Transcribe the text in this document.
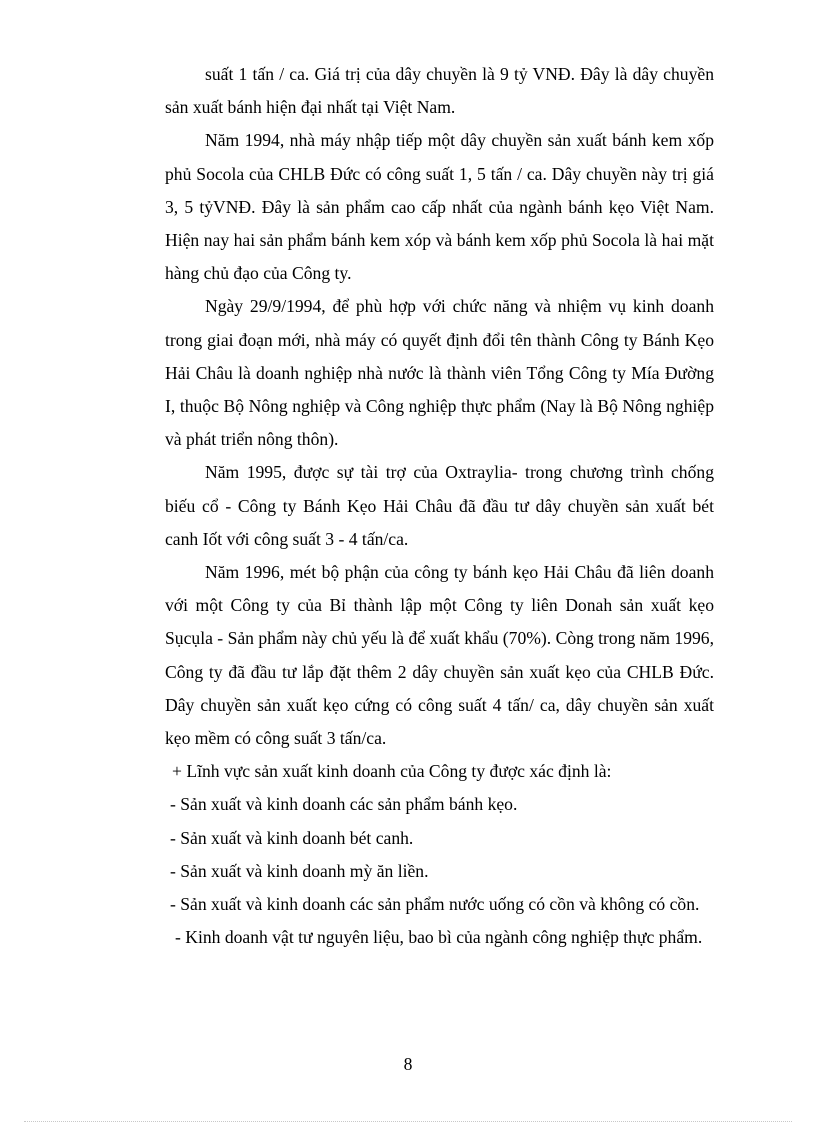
suất 1 tấn / ca. Giá trị của dây chuyền là 9 tỷ VNĐ. Đây là dây chuyền sản xuất bánh hiện đại nhất tại Việt Nam.

Năm 1994, nhà máy nhập tiếp một dây chuyền sản xuất bánh kem xốp phủ Socola của CHLB Đức có công suất 1, 5 tấn / ca. Dây chuyền này trị giá 3, 5 tỷVNĐ. Đây là sản phẩm cao cấp nhất của ngành bánh kẹo Việt Nam. Hiện nay hai sản phẩm bánh kem xóp và bánh kem xốp phủ Socola là hai mặt hàng chủ đạo của Công ty.

Ngày 29/9/1994, để phù hợp với chức năng và nhiệm vụ kinh doanh trong giai đoạn mới, nhà máy có quyết định đổi tên thành Công ty Bánh Kẹo Hải Châu là doanh nghiệp nhà nước là thành viên Tổng Công ty Mía Đường I, thuộc Bộ Nông nghiệp và Công nghiệp thực phẩm (Nay là Bộ Nông nghiệp và phát triển nông thôn).

Năm 1995, được sự tài trợ của Oxtraylia- trong chương trình chống biếu cổ - Công ty Bánh Kẹo Hải Châu đã đầu tư dây chuyền sản xuất bét canh Iốt với công suất 3 - 4 tấn/ca.

Năm 1996, mét bộ phận của công ty bánh kẹo Hải Châu đã liên doanh với một Công ty của Bỉ thành lập một Công ty liên Donah sản xuất kẹo Sụcụla - Sản phẩm này chủ yếu là để xuất khẩu (70%). Còng trong năm 1996, Công ty đã đầu tư lắp đặt thêm 2 dây chuyền sản xuất kẹo của CHLB Đức. Dây chuyền sản xuất kẹo cứng có công suất 4 tấn/ ca, dây chuyền sản xuất kẹo mềm có công suất 3 tấn/ca.

+ Lĩnh vực sản xuất kinh doanh của Công ty được xác định là:

- Sản xuất và kinh doanh các sản phẩm bánh kẹo.

- Sản xuất và kinh doanh bét canh.

- Sản xuất và kinh doanh mỳ ăn liền.

- Sản xuất và kinh doanh các sản phẩm nước uống có cồn và không có cồn.

- Kinh doanh vật tư nguyên liệu, bao bì của ngành công nghiệp thực phẩm.

8
